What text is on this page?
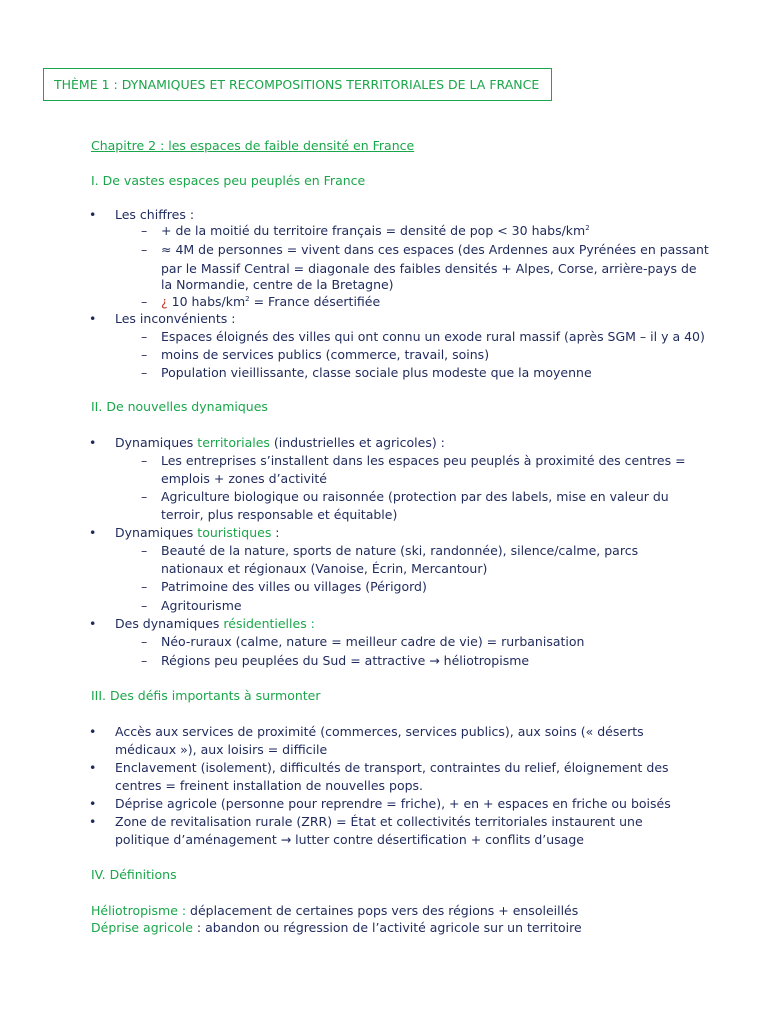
THÈME 1 : DYNAMIQUES ET RECOMPOSITIONS TERRITORIALES DE LA FRANCE
Chapitre 2 : les espaces de faible densité en France
I. De vastes espaces peu peuplés en France
• Les chiffres :
– + de la moitié du territoire français = densité de pop < 30 habs/$km^2$
– ≈ 4M de personnes = vivent dans ces espaces (des Ardennes aux Pyrénées en passant
par le Massif Central = diagonale des faibles densités + Alpes, Corse, arrière-pays de
la Normandie, centre de la Bretagne)
– ¿ 10 habs/$km^2$ = France désertifiée
• Les inconvénients :
– Espaces éloignés des villes qui ont connu un exode rural massif (après SGM – il y a 40)
– moins de services publics (commerce, travail, soins)
– Population vieillissante, classe sociale plus modeste que la moyenne
II. De nouvelles dynamiques
• Dynamiques territoriales (industrielles et agricoles) :
– Les entreprises s’installent dans les espaces peu peuplés à proximité des centres =
emplois + zones d’activité
– Agriculture biologique ou raisonnée (protection par des labels, mise en valeur du
terroir, plus responsable et équitable)
• Dynamiques touristiques :
– Beauté de la nature, sports de nature (ski, randonnée), silence/calme, parcs
nationaux et régionaux (Vanoise, Écrin, Mercantour)
– Patrimoine des villes ou villages (Périgord)
– Agritourisme
• Des dynamiques résidentielles :
– Néo-ruraux (calme, nature = meilleur cadre de vie) = rurbanisation
– Régions peu peuplées du Sud = attractive → héliotropisme
III. Des défis importants à surmonter
• Accès aux services de proximité (commerces, services publics), aux soins (« déserts
médicaux »), aux loisirs = difficile
• Enclavement (isolement), difficultés de transport, contraintes du relief, éloignement des
centres = freinent installation de nouvelles pops.
• Déprise agricole (personne pour reprendre = friche), + en + espaces en friche ou boisés
• Zone de revitalisation rurale (ZRR) = État et collectivités territoriales instaurent une
politique d’aménagement → lutter contre désertification + conflits d’usage
IV. Définitions
Héliotropisme : déplacement de certaines pops vers des régions + ensoleillés
Déprise agricole : abandon ou régression de l’activité agricole sur un territoire
